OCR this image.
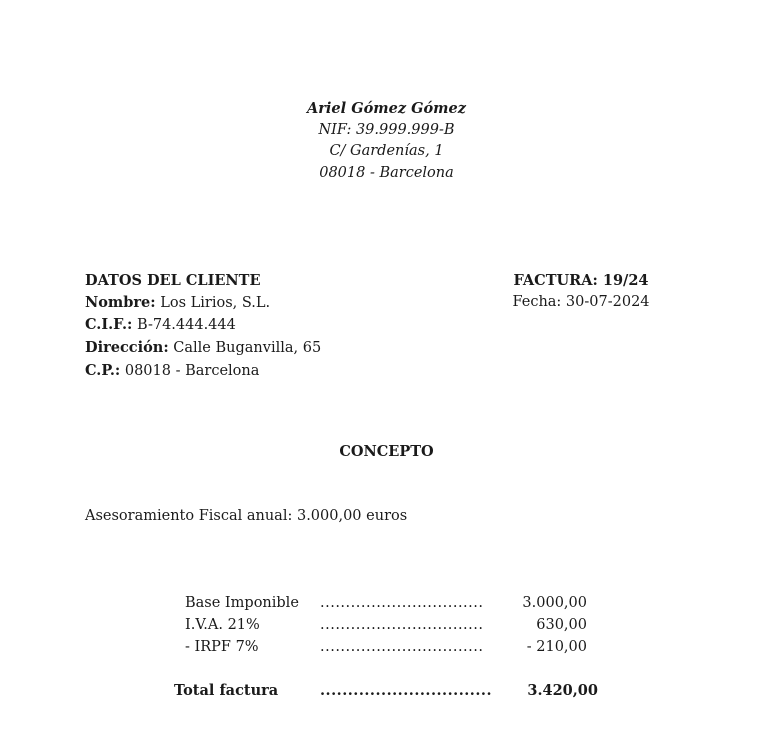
Ariel Gómez Gómez
NIF: 39.999.999-B
C/ Gardenías, 1
08018 - Barcelona
DATOS DEL CLIENTE
Nombre: Los Lirios, S.L.
C.I.F.: B-74.444.444
Dirección: Calle Buganvilla, 65
C.P.: 08018 - Barcelona
FACTURA: 19/24
Fecha: 30-07-2024
CONCEPTO
Asesoramiento Fiscal anual: 3.000,00 euros
Base Imponible ................................	3.000,00
I.V.A. 21%	................................	630,00
- IRPF 7%	................................	- 210,00
Total factura	............................... 3.420,00
